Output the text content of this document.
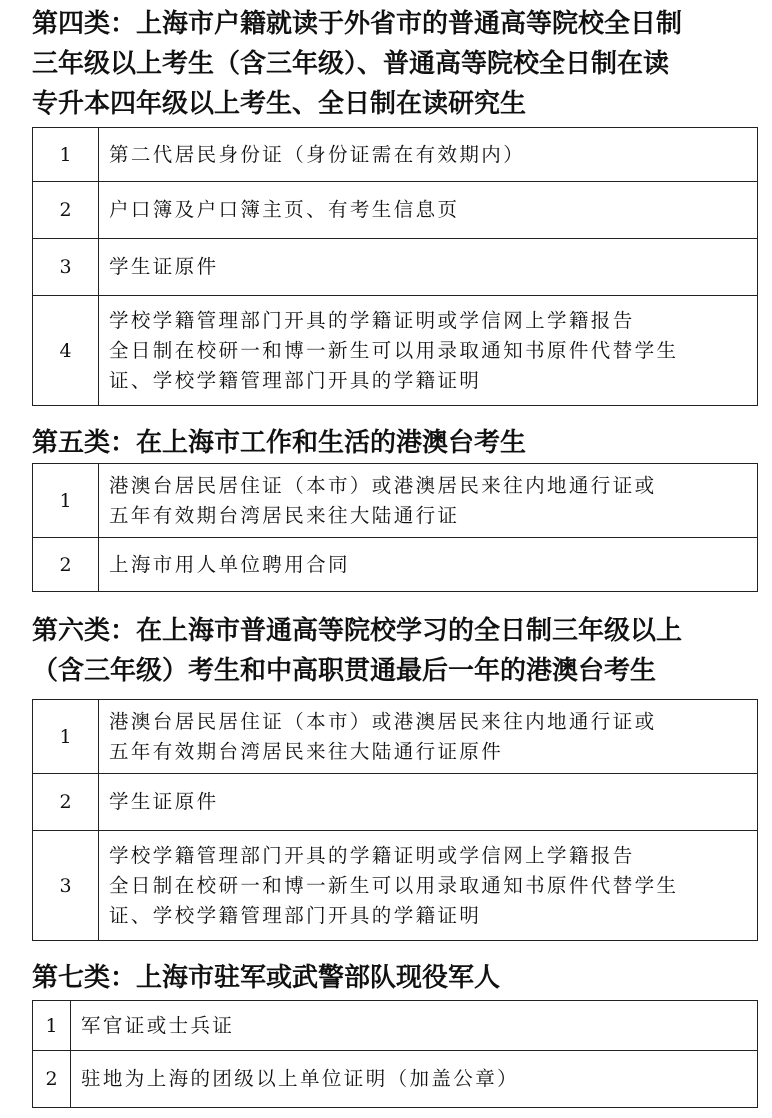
第四类：上海市户籍就读于外省市的普通高等院校全日制
三年级以上考生（含三年级）、普通高等院校全日制在读
专升本四年级以上考生、全日制在读研究生
1	第二代居民身份证（身份证需在有效期内）
2	户口簿及户口簿主页、有考生信息页
3	学生证原件
4	学校学籍管理部门开具的学籍证明或学信网上学籍报告
全日制在校研一和博一新生可以用录取通知书原件代替学生
证、学校学籍管理部门开具的学籍证明
第五类：在上海市工作和生活的港澳台考生
1	港澳台居民居住证（本市）或港澳居民来往内地通行证或
五年有效期台湾居民来往大陆通行证
2	上海市用人单位聘用合同
第六类：在上海市普通高等院校学习的全日制三年级以上
（含三年级）考生和中高职贯通最后一年的港澳台考生
1	港澳台居民居住证（本市）或港澳居民来往内地通行证或
五年有效期台湾居民来往大陆通行证原件
2	学生证原件
3	学校学籍管理部门开具的学籍证明或学信网上学籍报告
全日制在校研一和博一新生可以用录取通知书原件代替学生
证、学校学籍管理部门开具的学籍证明
第七类：上海市驻军或武警部队现役军人
1	军官证或士兵证
2	驻地为上海的团级以上单位证明（加盖公章）
